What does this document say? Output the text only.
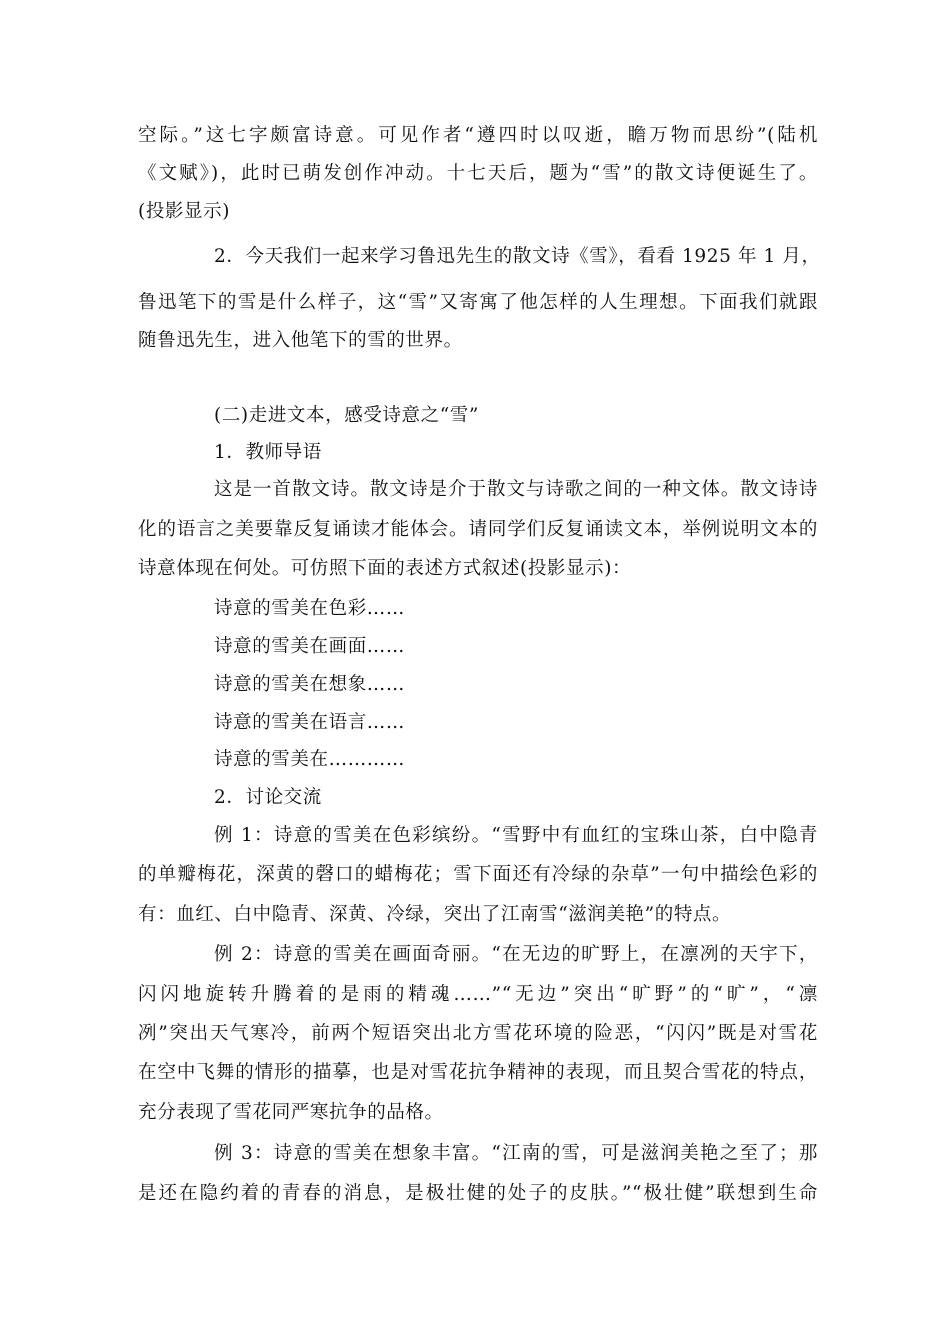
空际。”这七字颇富诗意。可见作者“遵四时以叹逝，瞻万物而思纷”(陆机
《文赋》)，此时已萌发创作冲动。十七天后，题为“雪”的散文诗便诞生了。
(投影显示)
2．今天我们一起来学习鲁迅先生的散文诗《雪》，看看 1925 年 1 月，
鲁迅笔下的雪是什么样子，这“雪”又寄寓了他怎样的人生理想。下面我们就跟
随鲁迅先生，进入他笔下的雪的世界。
(二)走进文本，感受诗意之“雪”
1．教师导语
这是一首散文诗。散文诗是介于散文与诗歌之间的一种文体。散文诗诗
化的语言之美要靠反复诵读才能体会。请同学们反复诵读文本，举例说明文本的
诗意体现在何处。可仿照下面的表述方式叙述(投影显示)：
诗意的雪美在色彩……
诗意的雪美在画面……
诗意的雪美在想象……
诗意的雪美在语言……
诗意的雪美在…………
2．讨论交流
例 1：诗意的雪美在色彩缤纷。“雪野中有血红的宝珠山茶，白中隐青
的单瓣梅花，深黄的磬口的蜡梅花；雪下面还有冷绿的杂草”一句中描绘色彩的
有：血红、白中隐青、深黄、冷绿，突出了江南雪“滋润美艳”的特点。
例 2：诗意的雪美在画面奇丽。“在无边的旷野上，在凛冽的天宇下，
闪闪地旋转升腾着的是雨的精魂……”“无边”突出“旷野”的“旷”，“凛
冽”突出天气寒冷，前两个短语突出北方雪花环境的险恶，“闪闪”既是对雪花
在空中飞舞的情形的描摹，也是对雪花抗争精神的表现，而且契合雪花的特点，
充分表现了雪花同严寒抗争的品格。
例 3：诗意的雪美在想象丰富。“江南的雪，可是滋润美艳之至了；那
是还在隐约着的青春的消息，是极壮健的处子的皮肤。”“极壮健”联想到生命
